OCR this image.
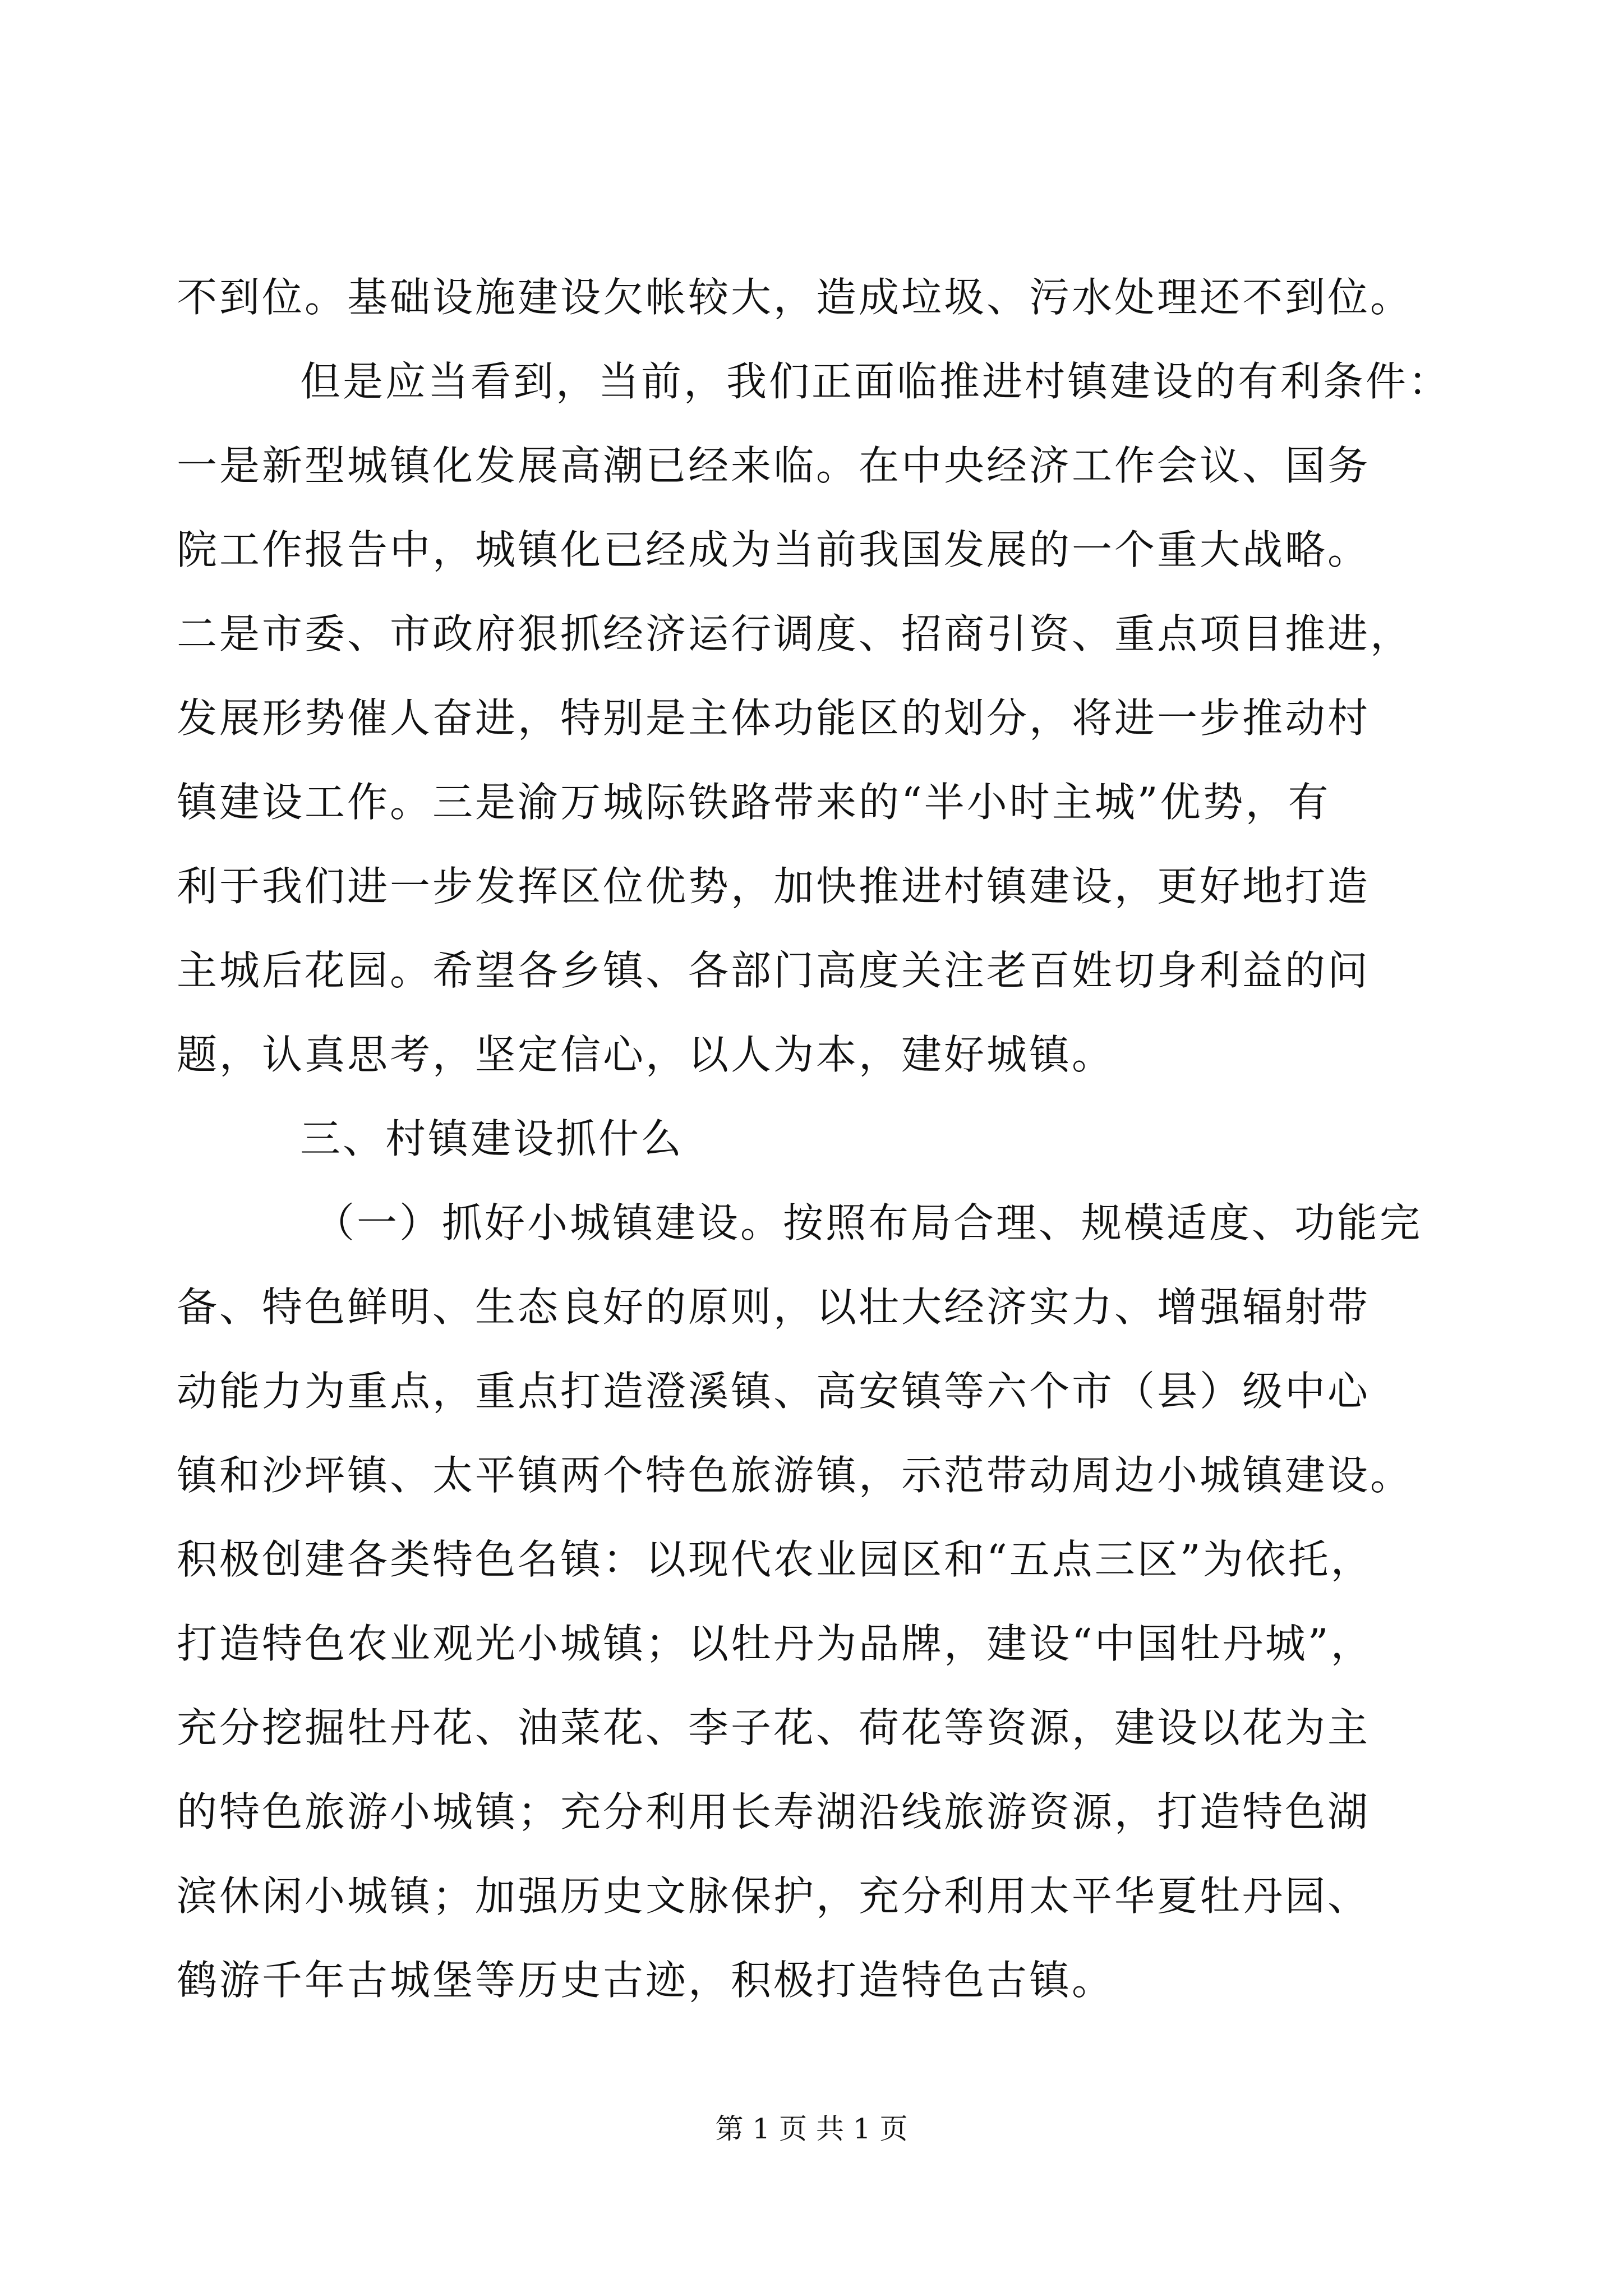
不到位。基础设施建设欠帐较大，造成垃圾、污水处理还不到位。
但是应当看到，当前，我们正面临推进村镇建设的有利条件：
一是新型城镇化发展高潮已经来临。在中央经济工作会议、国务
院工作报告中，城镇化已经成为当前我国发展的一个重大战略。
二是市委、市政府狠抓经济运行调度、招商引资、重点项目推进，
发展形势催人奋进，特别是主体功能区的划分，将进一步推动村
镇建设工作。三是渝万城际铁路带来的“半小时主城”优势，有
利于我们进一步发挥区位优势，加快推进村镇建设，更好地打造
主城后花园。希望各乡镇、各部门高度关注老百姓切身利益的问
题，认真思考，坚定信心，以人为本，建好城镇。
三、村镇建设抓什么
（一）抓好小城镇建设。按照布局合理、规模适度、功能完
备、特色鲜明、生态良好的原则，以壮大经济实力、增强辐射带
动能力为重点，重点打造澄溪镇、高安镇等六个市（县）级中心
镇和沙坪镇、太平镇两个特色旅游镇，示范带动周边小城镇建设。
积极创建各类特色名镇：以现代农业园区和“五点三区”为依托，
打造特色农业观光小城镇；以牡丹为品牌，建设“中国牡丹城”，
充分挖掘牡丹花、油菜花、李子花、荷花等资源，建设以花为主
的特色旅游小城镇；充分利用长寿湖沿线旅游资源，打造特色湖
滨休闲小城镇；加强历史文脉保护，充分利用太平华夏牡丹园、
鹤游千年古城堡等历史古迹，积极打造特色古镇。
第 1 页 共 1 页
